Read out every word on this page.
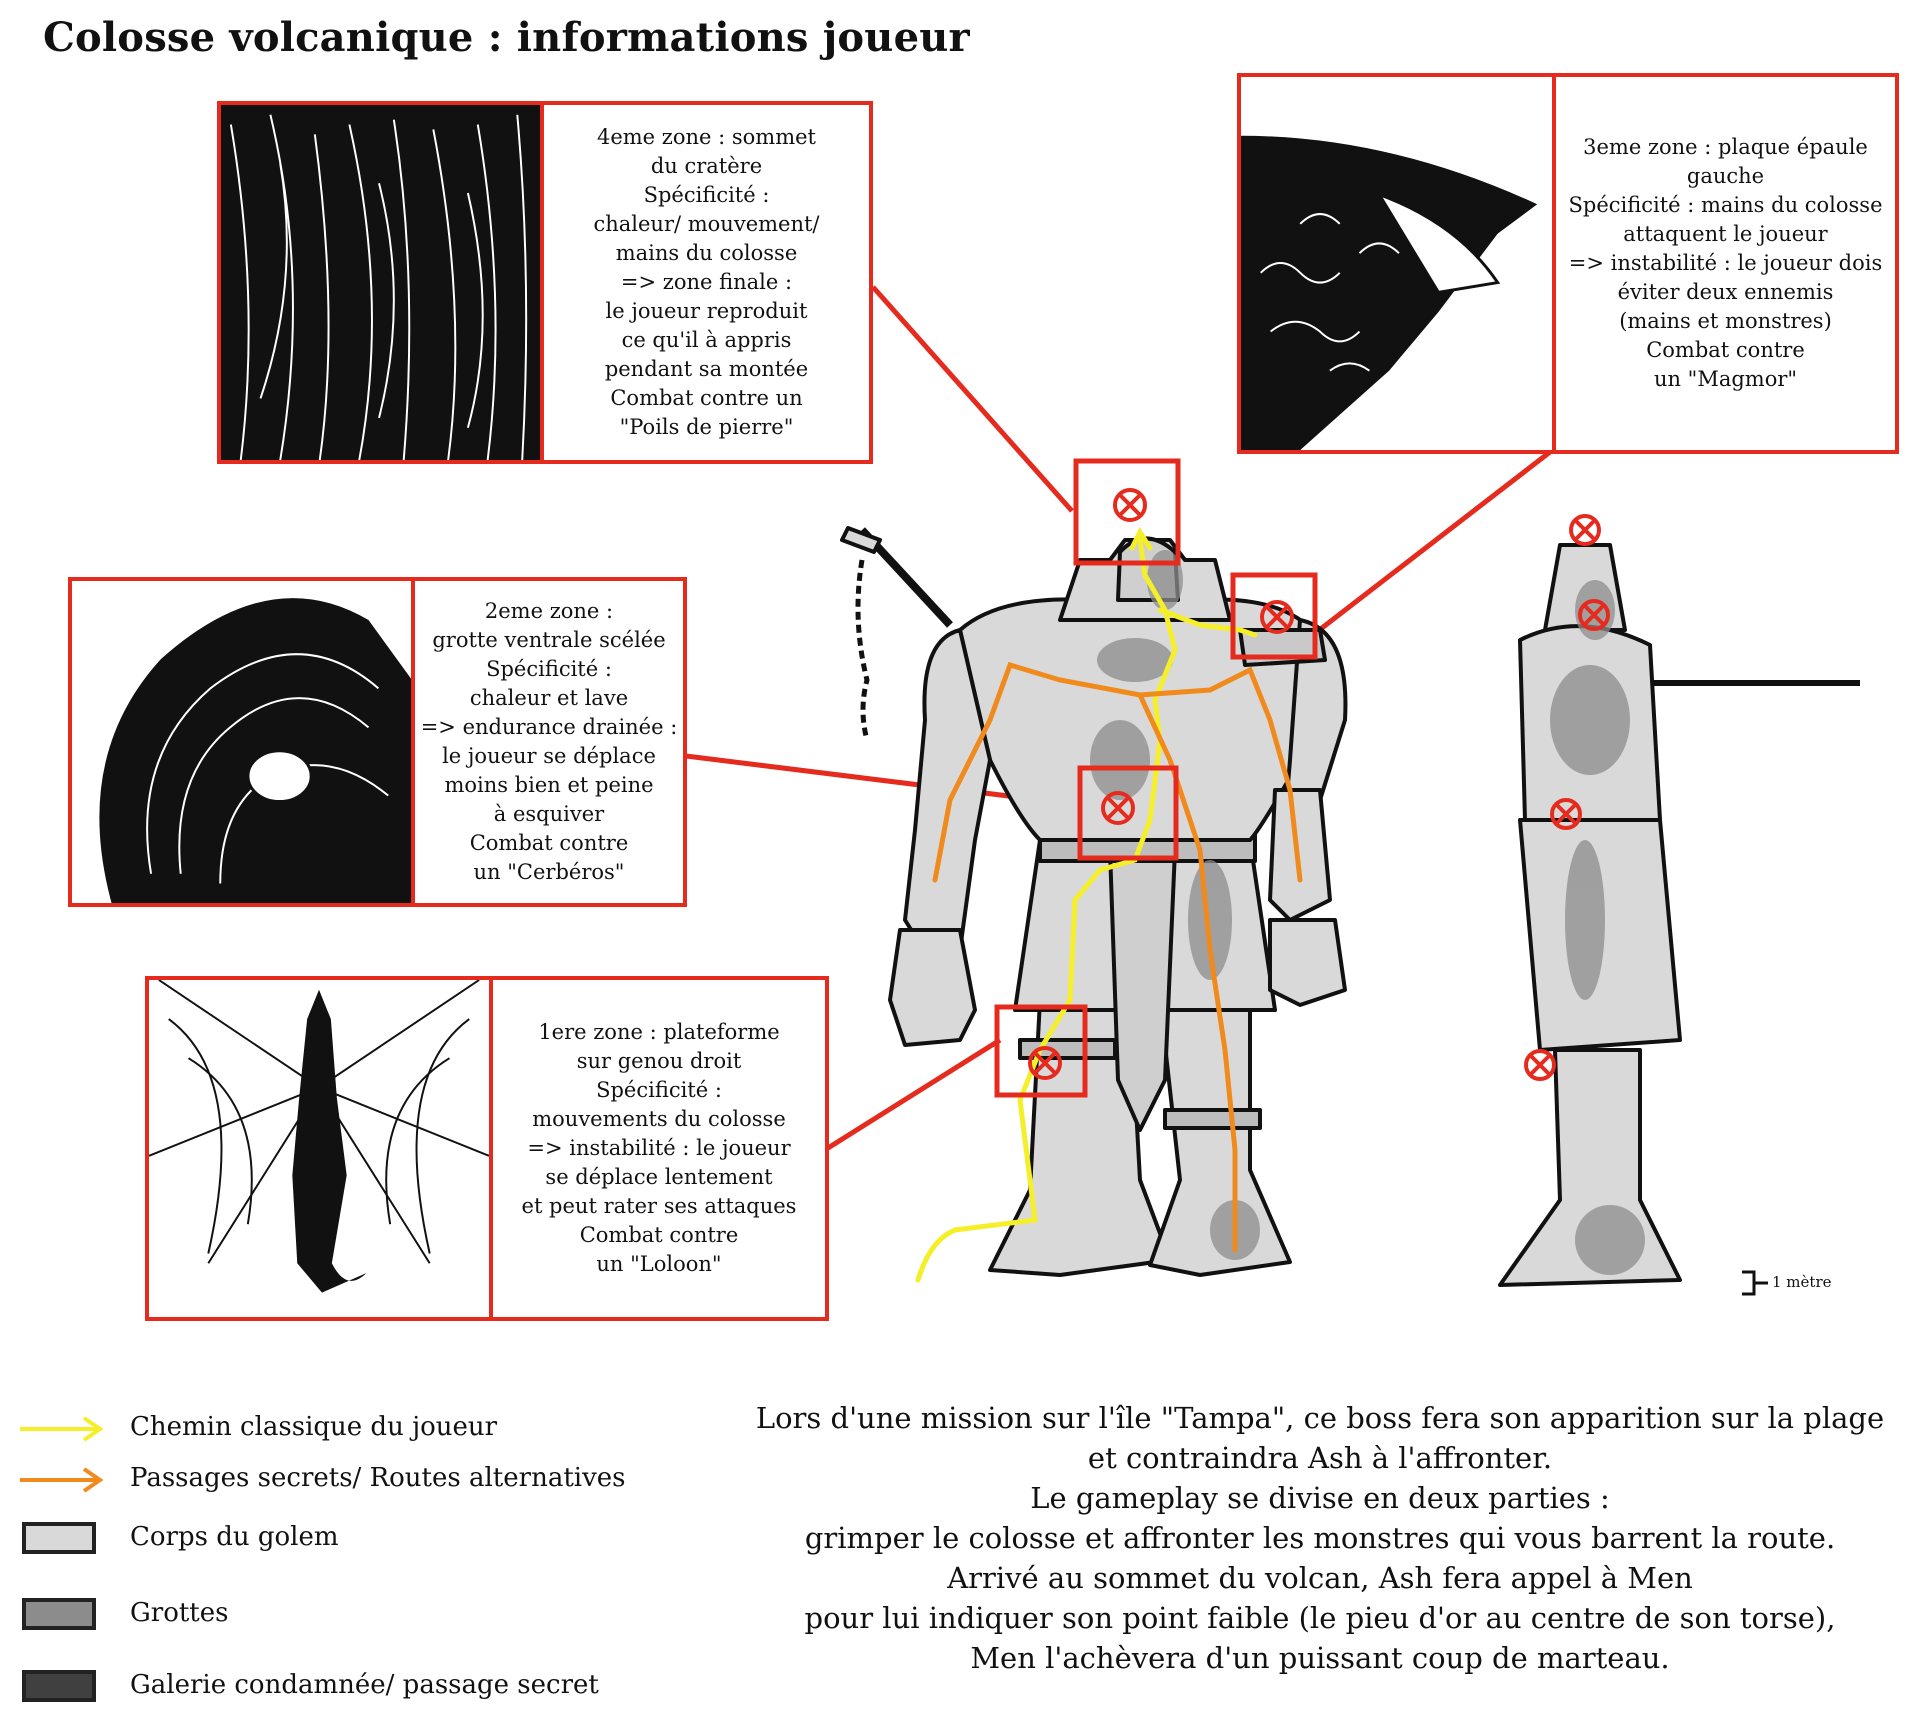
Colosse volcanique : informations joueur
1 mètre
4eme zone : sommet
du cratère
Spécificité :
chaleur/ mouvement/
mains du colosse
=> zone finale :
le joueur reproduit
ce qu'il à appris
pendant sa montée
Combat contre un
"Poils de pierre"
3eme zone : plaque épaule
gauche
Spécificité : mains du colosse
attaquent le joueur
=> instabilité : le joueur dois
éviter deux ennemis
(mains et monstres)
Combat contre
un "Magmor"
2eme zone :
grotte ventrale scélée
Spécificité :
chaleur et lave
=> endurance drainée :
le joueur se déplace
moins bien et peine
à esquiver
Combat contre
un "Cerbéros"
1ere zone : plateforme
sur genou droit
Spécificité :
mouvements du colosse
=> instabilité : le joueur
se déplace lentement
et peut rater ses attaques
Combat contre
un "Loloon"
Chemin classique du joueur
Passages secrets/ Routes alternatives
Corps du golem
Grottes
Galerie condamnée/ passage secret
Lors d'une mission sur l'île "Tampa", ce boss fera son apparition sur la plage
et contraindra Ash à l'affronter.
Le gameplay se divise en deux parties :
grimper le colosse et affronter les monstres qui vous barrent la route.
Arrivé au sommet du volcan, Ash fera appel à Men
pour lui indiquer son point faible (le pieu d'or au centre de son torse),
Men l'achèvera d'un puissant coup de marteau.
